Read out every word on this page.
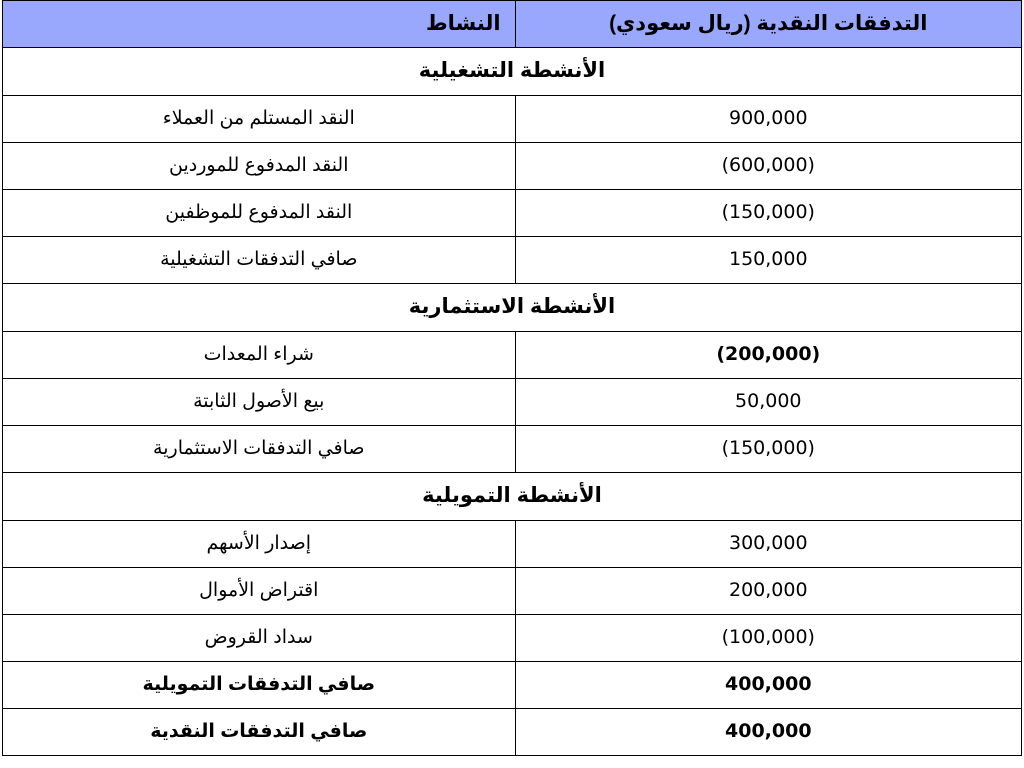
التدفقات النقدية (ريال سعودي)	النشاط
الأنشطة التشغيلية	
900,000	النقد المستلم من العملاء
(600,000)	النقد المدفوع للموردين
(150,000)	النقد المدفوع للموظفين
150,000	صافي التدفقات التشغيلية
الأنشطة الاستثمارية	
(200,000)	شراء المعدات
50,000	بيع الأصول الثابتة
(150,000)	صافي التدفقات الاستثمارية
الأنشطة التمويلية	
300,000	إصدار الأسهم
200,000	اقتراض الأموال
(100,000)	سداد القروض
400,000	صافي التدفقات التمويلية
400,000	صافي التدفقات النقدية
